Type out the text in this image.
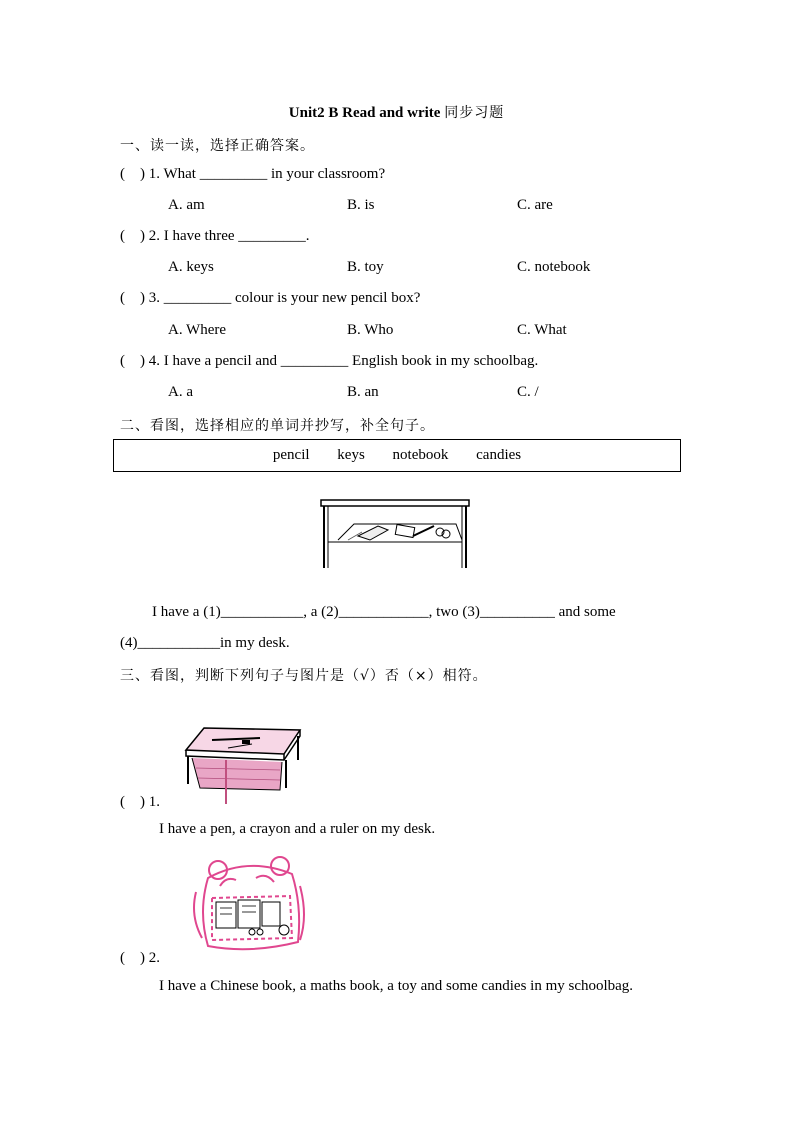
Unit2 B Read and write 同步习题
一、读一读，选择正确答案。
(    ) 1. What _________ in your classroom?
A. am	B. is	C. are
(    ) 2. I have three _________.
A. keys	B. toy	C. notebook
(    ) 3. _________ colour is your new pencil box?
A. Where	B. Who	C. What
(    ) 4. I have a pencil and _________ English book in my schoolbag.
A. a	B. an	C. /
二、看图，选择相应的单词并抄写，补全句子。
pencil keys notebook candies
I have a (1)___________, a (2)____________, two (3)__________ and some
(4)___________in my desk.
三、看图，判断下列句子与图片是（√）否（×）相符。
(    ) 1.
I have a pen, a crayon and a ruler on my desk.
(    ) 2.
I have a Chinese book, a maths book, a toy and some candies in my schoolbag.
